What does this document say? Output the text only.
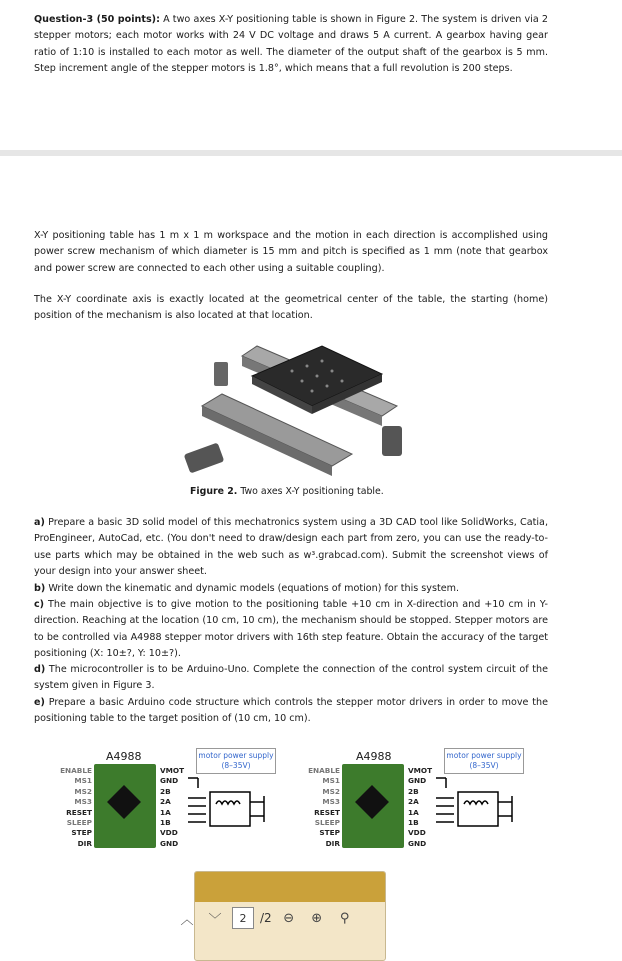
Question-3 (50 points): A two axes X-Y positioning table is shown in Figure 2. The system is driven via 2 stepper motors; each motor works with 24 V DC voltage and draws 5 A current. A gearbox having gear ratio of 1:10 is installed to each motor as well. The diameter of the output shaft of the gearbox is 5 mm. Step increment angle of the stepper motors is 1.8°, which means that a full revolution is 200 steps.
X-Y positioning table has 1 m x 1 m workspace and the motion in each direction is accomplished using power screw mechanism of which diameter is 15 mm and pitch is specified as 1 mm (note that gearbox and power screw are connected to each other using a suitable coupling).
The X-Y coordinate axis is exactly located at the geometrical center of the table, the starting (home) position of the mechanism is also located at that location.
Figure 2. Two axes X-Y positioning table.
a) Prepare a basic 3D solid model of this mechatronics system using a 3D CAD tool like SolidWorks, Catia, ProEngineer, AutoCad, etc. (You don't need to draw/design each part from zero, you can use the ready-to-use parts which may be obtained in the web such as w³.grabcad.com). Submit the screenshot views of your design into your answer sheet.
b) Write down the kinematic and dynamic models (equations of motion) for this system.
c) The main objective is to give motion to the positioning table +10 cm in X-direction and +10 cm in Y-direction. Reaching at the location (10 cm, 10 cm), the mechanism should be stopped. Stepper motors are to be controlled via A4988 stepper motor drivers with 16th step feature. Obtain the accuracy of the target positioning (X: 10±?, Y: 10±?).
d) The microcontroller is to be Arduino-Uno. Complete the connection of the control system circuit of the system given in Figure 3.
e) Prepare a basic Arduino code structure which controls the stepper motor drivers in order to move the positioning table to the target position of (10 cm, 10 cm).
A4988
ENABLE
MS1
MS2
MS3
RESET
SLEEP
STEP
DIR
VMOT
GND
2B
2A
1A
1B
VDD
GND
motor power supply
(8–35V)
A4988
ENABLE
MS1
MS2
MS3
RESET
SLEEP
STEP
DIR
VMOT
GND
2B
2A
1A
1B
VDD
GND
motor power supply
(8–35V)
︿	﹀	2	/2 ⊖	⊕	⚲
